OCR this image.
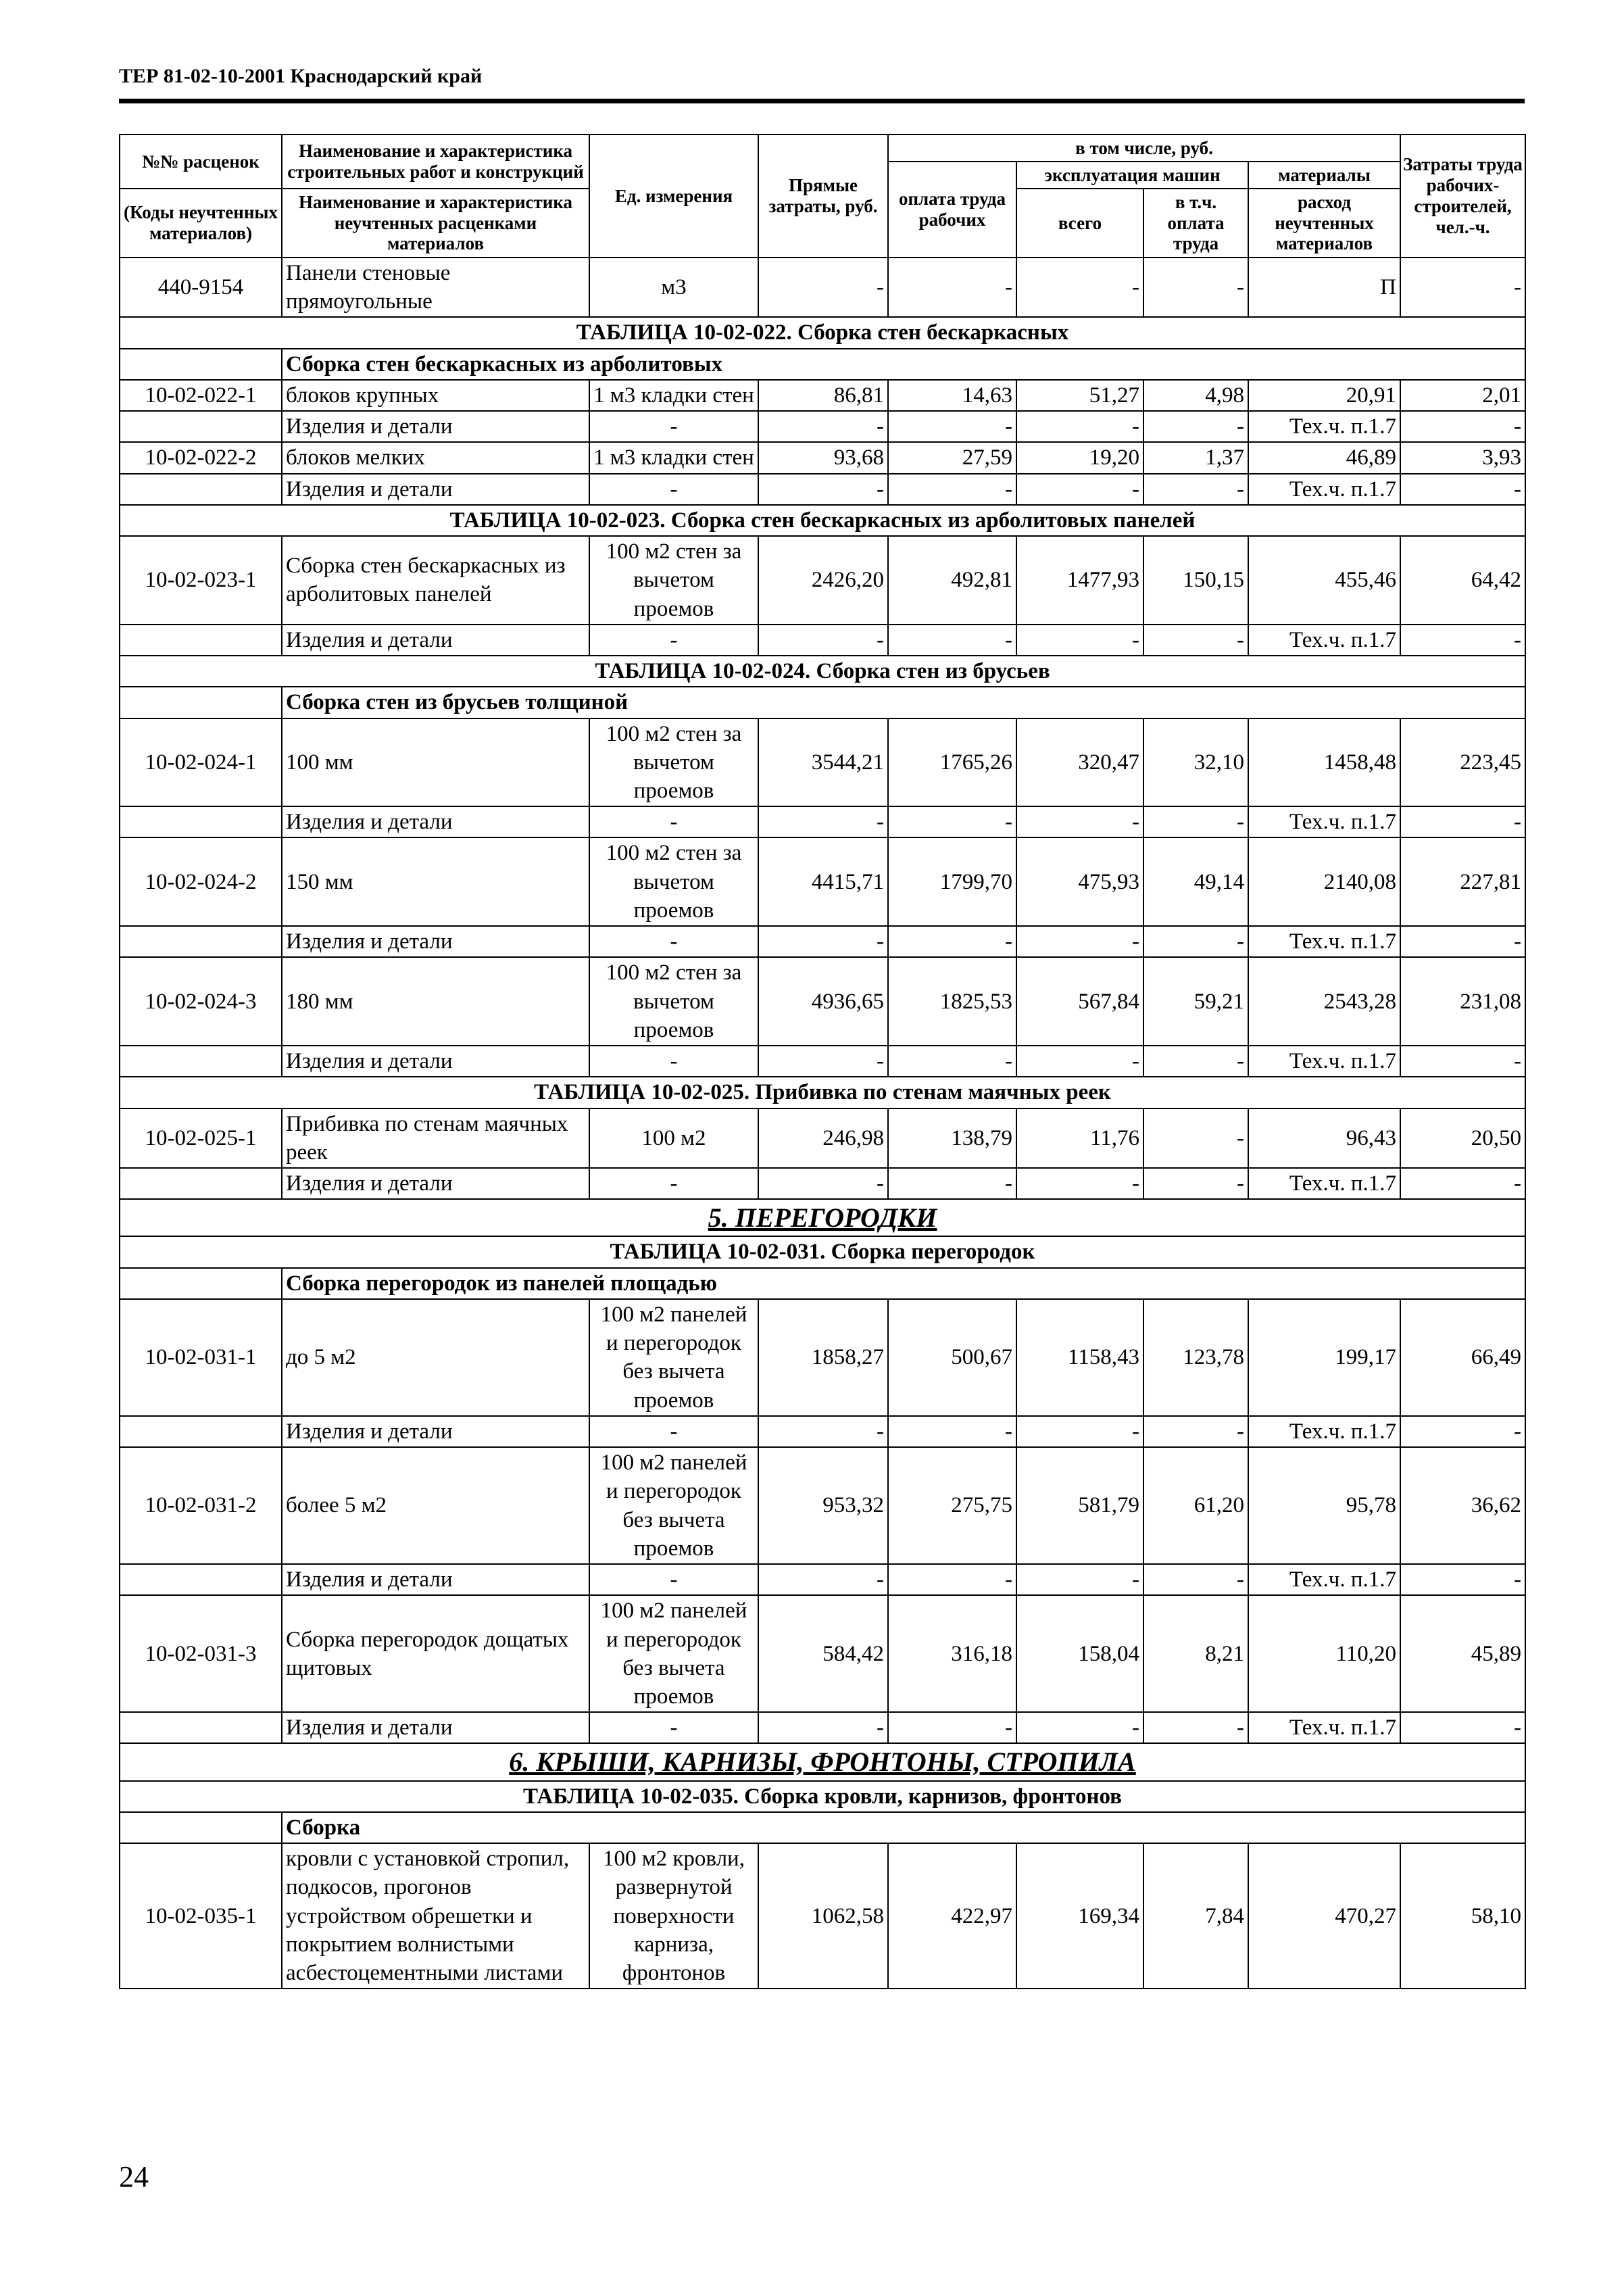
ТЕР 81-02-10-2001 Краснодарский край
№№ расценок	Наименование и характеристика строительных работ и конструкций	Ед. измерения	Прямые затраты, руб.	в том числе, руб.				Затраты труда рабочих-строителей, чел.-ч.
				оплата труда рабочих	эксплуатация машин		материалы	
(Коды неучтенных материалов)	Наименование и характеристика неучтенных расценками материалов				всего	в т.ч. оплата труда	расход неучтенных материалов	

440-9154	Панели стеновые прямоугольные	м3	-	-	-	-	П	-
ТАБЛИЦА 10-02-022. Сборка стен бескаркасных								
	Сборка стен бескаркасных из арболитовых							
10-02-022-1	блоков крупных	1 м3 кладки стен	86,81	14,63	51,27	4,98	20,91	2,01
	Изделия и детали	-	-	-	-	-	Тех.ч. п.1.7	-
10-02-022-2	блоков мелких	1 м3 кладки стен	93,68	27,59	19,20	1,37	46,89	3,93
	Изделия и детали	-	-	-	-	-	Тех.ч. п.1.7	-
ТАБЛИЦА 10-02-023. Сборка стен бескаркасных из арболитовых панелей								
10-02-023-1	Сборка стен бескаркасных из арболитовых панелей	100 м2 стен за вычетом проемов	2426,20	492,81	1477,93	150,15	455,46	64,42
	Изделия и детали	-	-	-	-	-	Тех.ч. п.1.7	-
ТАБЛИЦА 10-02-024. Сборка стен из брусьев								
	Сборка стен из брусьев толщиной							
10-02-024-1	100 мм	100 м2 стен за вычетом проемов	3544,21	1765,26	320,47	32,10	1458,48	223,45
	Изделия и детали	-	-	-	-	-	Тех.ч. п.1.7	-
10-02-024-2	150 мм	100 м2 стен за вычетом проемов	4415,71	1799,70	475,93	49,14	2140,08	227,81
	Изделия и детали	-	-	-	-	-	Тех.ч. п.1.7	-
10-02-024-3	180 мм	100 м2 стен за вычетом проемов	4936,65	1825,53	567,84	59,21	2543,28	231,08
	Изделия и детали	-	-	-	-	-	Тех.ч. п.1.7	-
ТАБЛИЦА 10-02-025. Прибивка по стенам маячных реек								
10-02-025-1	Прибивка по стенам маячных реек	100 м2	246,98	138,79	11,76	-	96,43	20,50
	Изделия и детали	-	-	-	-	-	Тех.ч. п.1.7	-
5. ПЕРЕГОРОДКИ								
ТАБЛИЦА 10-02-031. Сборка перегородок								
	Сборка перегородок из панелей площадью							
10-02-031-1	до 5 м2	100 м2 панелей и перегородок без вычета проемов	1858,27	500,67	1158,43	123,78	199,17	66,49
	Изделия и детали	-	-	-	-	-	Тех.ч. п.1.7	-
10-02-031-2	более 5 м2	100 м2 панелей и перегородок без вычета проемов	953,32	275,75	581,79	61,20	95,78	36,62
	Изделия и детали	-	-	-	-	-	Тех.ч. п.1.7	-
10-02-031-3	Сборка перегородок дощатых щитовых	100 м2 панелей и перегородок без вычета проемов	584,42	316,18	158,04	8,21	110,20	45,89
	Изделия и детали	-	-	-	-	-	Тех.ч. п.1.7	-
6. КРЫШИ, КАРНИЗЫ, ФРОНТОНЫ, СТРОПИЛА								
ТАБЛИЦА 10-02-035. Сборка кровли, карнизов, фронтонов								
	Сборка							
10-02-035-1	кровли с установкой стропил, подкосов, прогонов устройством обрешетки и покрытием волнистыми асбестоцементными листами	100 м2 кровли, развернутой поверхности карниза, фронтонов	1062,58	422,97	169,34	7,84	470,27	58,10
24
